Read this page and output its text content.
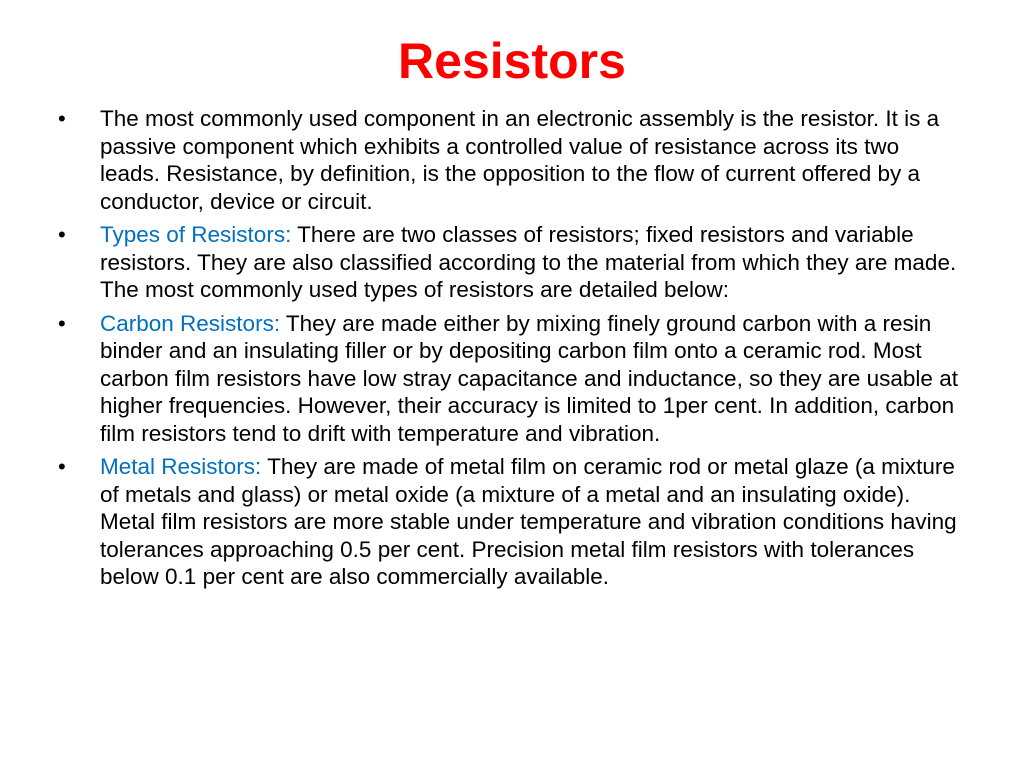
Resistors
•	The most commonly used component in an electronic assembly is the resistor. It is a passive component which exhibits a controlled value of resistance across its two leads. Resistance, by definition, is the opposition to the flow of current offered by a conductor, device or circuit.
•	Types of Resistors: There are two classes of resistors; fixed resistors and variable resistors. They are also classified according to the material from which they are made. The most commonly used types of resistors are detailed below:
•	Carbon Resistors: They are made either by mixing finely ground carbon with a resin binder and an insulating filler or by depositing carbon film onto a ceramic rod. Most carbon film resistors have low stray capacitance and inductance, so they are usable at higher frequencies. However, their accuracy is limited to 1per cent. In addition, carbon film resistors tend to drift with temperature and vibration.
•	Metal Resistors: They are made of metal film on ceramic rod or metal glaze (a mixture of metals and glass) or metal oxide (a mixture of a metal and an insulating oxide). Metal film resistors are more stable under temperature and vibration conditions having tolerances approaching 0.5 per cent. Precision metal film resistors with tolerances below 0.1 per cent are also commercially available.
